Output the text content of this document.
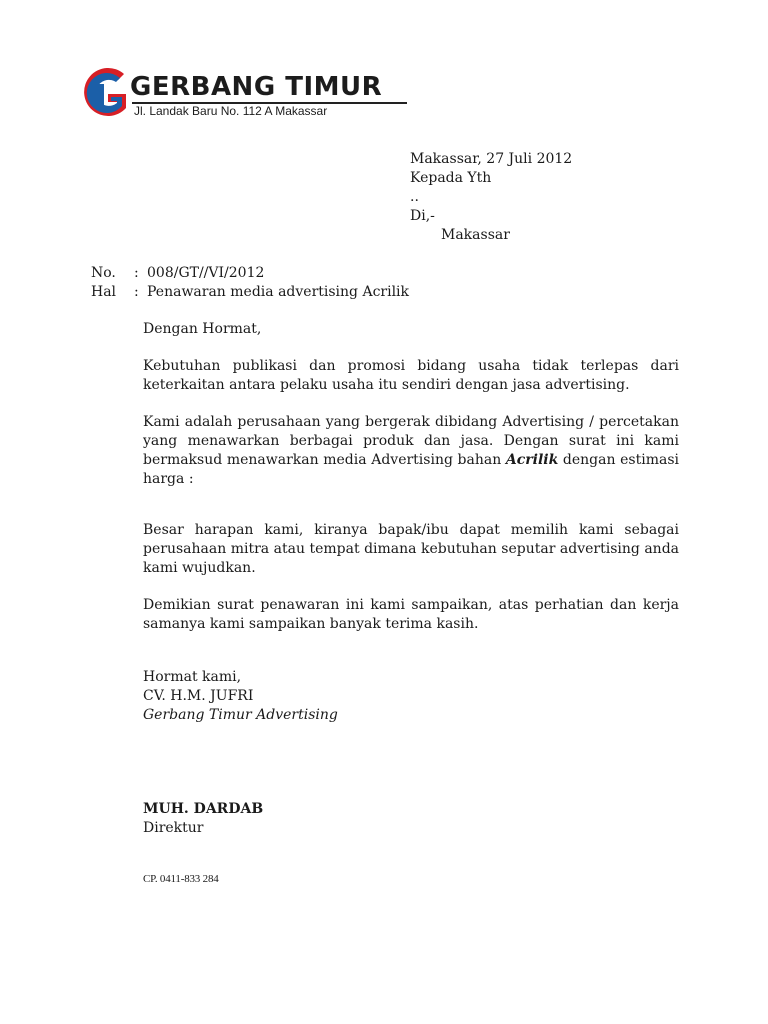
GERBANG TIMUR
Jl. Landak Baru No. 112 A Makassar
Makassar, 27 Juli 2012
Kepada Yth
..
Di,-
Makassar
No.	: 008/GT//VI/2012
Hal	: Penawaran media advertising Acrilik

Dengan Hormat,

Kebutuhan publikasi dan promosi bidang usaha tidak terlepas dari keterkaitan antara pelaku usaha itu sendiri dengan jasa advertising.

Kami adalah perusahaan yang bergerak dibidang Advertising / percetakan yang menawarkan berbagai produk dan jasa. Dengan surat ini kami bermaksud menawarkan media Advertising bahan Acrilik dengan estimasi harga :

Besar harapan kami, kiranya bapak/ibu dapat memilih kami sebagai perusahaan mitra atau tempat dimana kebutuhan seputar advertising anda kami wujudkan.

Demikian surat penawaran ini kami sampaikan, atas perhatian dan kerja samanya kami sampaikan banyak terima kasih.

Hormat kami,
CV. H.M. JUFRI
Gerbang Timur Advertising
MUH. DARDAB
Direktur
CP. 0411-833 284
